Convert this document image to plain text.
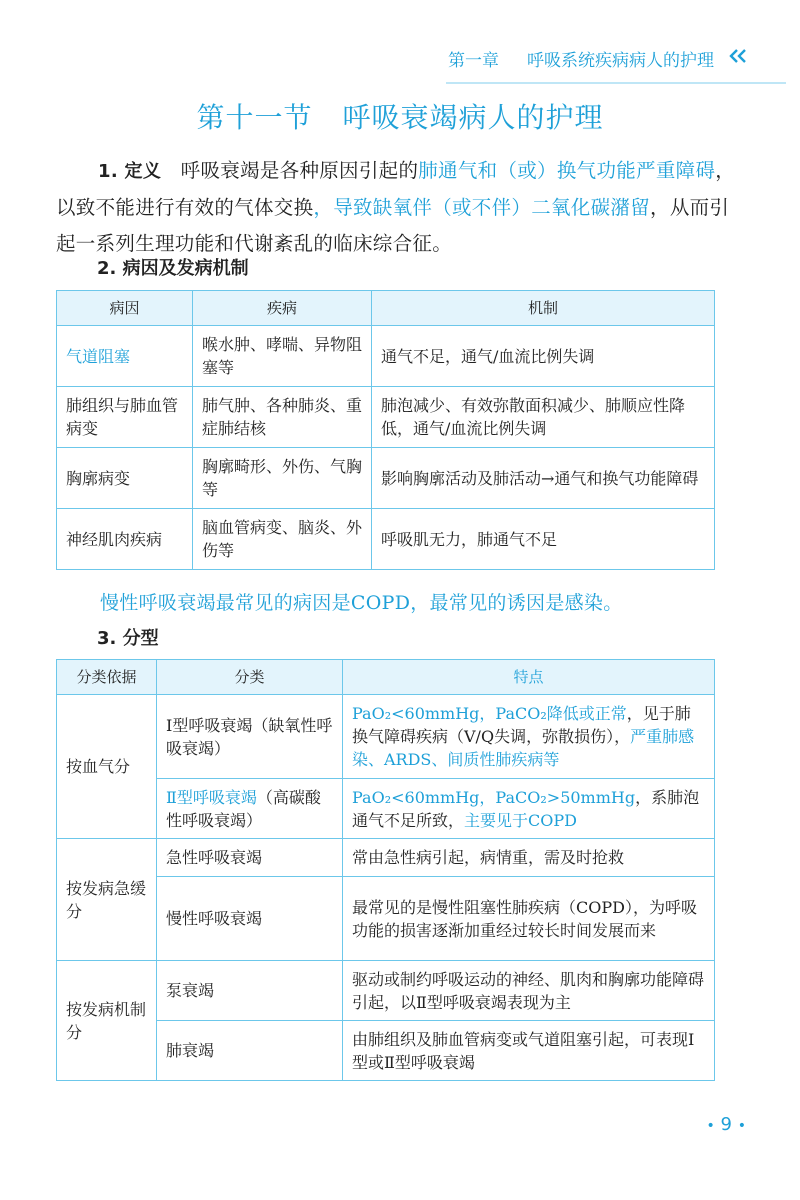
第一章 呼吸系统疾病病人的护理
第十一节 呼吸衰竭病人的护理
1. 定义 呼吸衰竭是各种原因引起的肺通气和（或）换气功能严重障碍，以致不能进行有效的气体交换，导致缺氧伴（或不伴）二氧化碳潴留，从而引起一系列生理功能和代谢紊乱的临床综合征。
2. 病因及发病机制
病因	疾病	机制
气道阻塞	喉水肿、哮喘、异物阻塞等	通气不足，通气/血流比例失调
肺组织与肺血管病变	肺气肿、各种肺炎、重症肺结核	肺泡减少、有效弥散面积减少、肺顺应性降低，通气/血流比例失调
胸廓病变	胸廓畸形、外伤、气胸等	影响胸廓活动及肺活动→通气和换气功能障碍
神经肌肉疾病	脑血管病变、脑炎、外伤等	呼吸肌无力，肺通气不足
慢性呼吸衰竭最常见的病因是COPD，最常见的诱因是感染。
3. 分型
分类依据	分类	特点
按血气分	I型呼吸衰竭（缺氧性呼吸衰竭）	PaO₂<60mmHg，PaCO₂降低或正常，见于肺换气障碍疾病（V/Q失调，弥散损伤），严重肺感染、ARDS、间质性肺疾病等
	Ⅱ型呼吸衰竭（高碳酸性呼吸衰竭）	PaO₂<60mmHg，PaCO₂>50mmHg，系肺泡通气不足所致，主要见于COPD
按发病急缓分	急性呼吸衰竭	常由急性病引起，病情重，需及时抢救
	慢性呼吸衰竭	最常见的是慢性阻塞性肺疾病（COPD），为呼吸功能的损害逐渐加重经过较长时间发展而来
按发病机制分	泵衰竭	驱动或制约呼吸运动的神经、肌肉和胸廓功能障碍引起，以Ⅱ型呼吸衰竭表现为主
	肺衰竭	由肺组织及肺血管病变或气道阻塞引起，可表现I型或Ⅱ型呼吸衰竭
• 9 •
